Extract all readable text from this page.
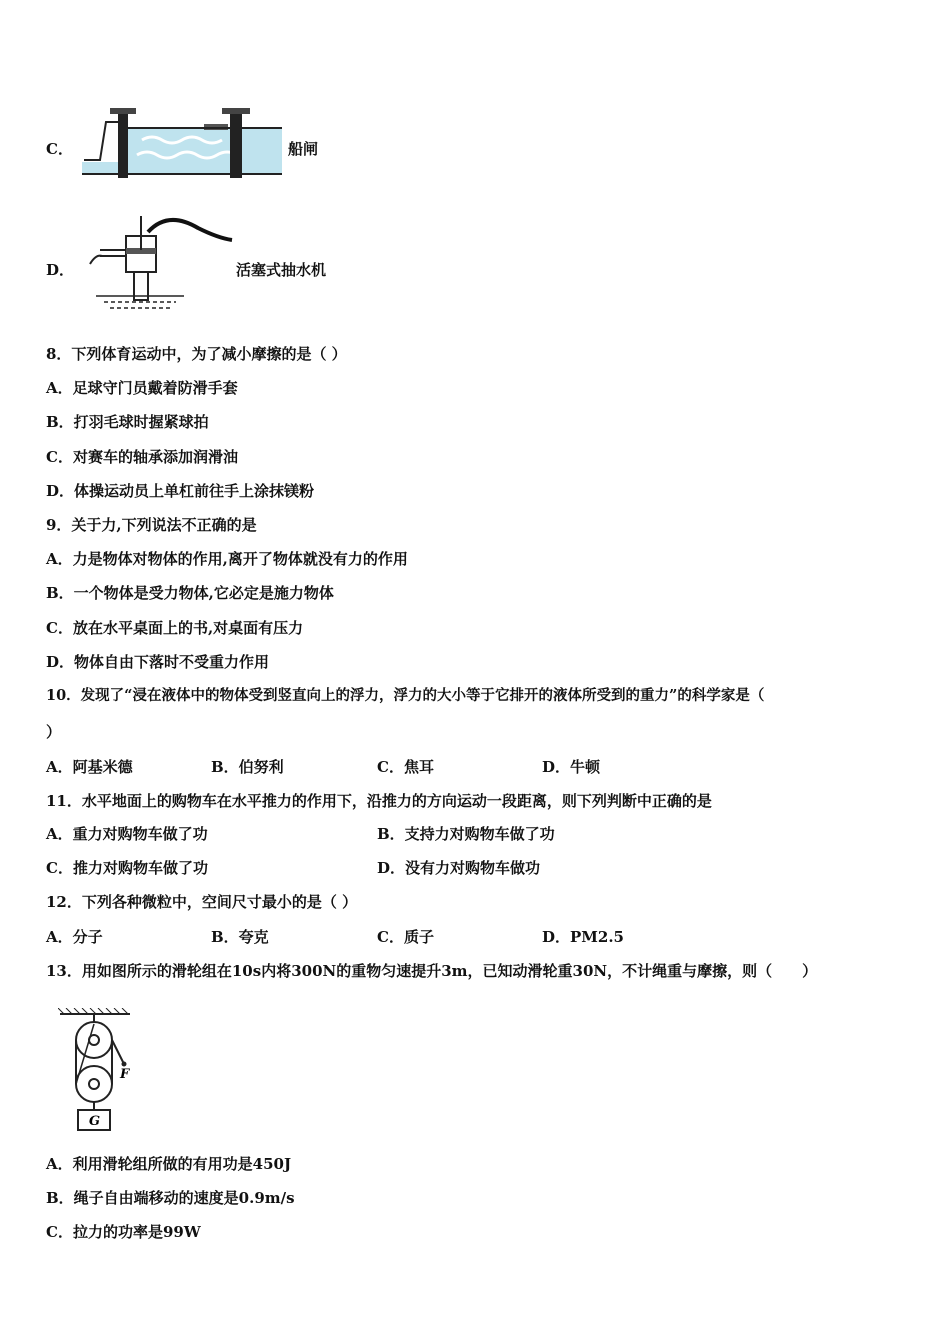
C．	船闸
D．	活塞式抽水机
8．下列体育运动中，为了减小摩擦的是（ ）
A．足球守门员戴着防滑手套
B．打羽毛球时握紧球拍
C．对赛车的轴承添加润滑油
D．体操运动员上单杠前往手上涂抹镁粉
9．关于力,下列说法不正确的是
A．力是物体对物体的作用,离开了物体就没有力的作用
B．一个物体是受力物体,它必定是施力物体
C．放在水平桌面上的书,对桌面有压力
D．物体自由下落时不受重力作用
10．发现了“浸在液体中的物体受到竖直向上的浮力，浮力的大小等于它排开的液体所受到的重力”的科学家是（
）
A．阿基米德	B．伯努利	C．焦耳	D．牛顿
11．水平地面上的购物车在水平推力的作用下，沿推力的方向运动一段距离，则下列判断中正确的是
A．重力对购物车做了功	B．支持力对购物车做了功
C．推力对购物车做了功	D．没有力对购物车做功
12．下列各种微粒中，空间尺寸最小的是（ ）
A．分子	B．夸克	C．质子	D．PM2.5
13．用如图所示的滑轮组在10s内将300N的重物匀速提升3m，已知动滑轮重30N，不计绳重与摩擦，则（　　）
F
G
A．利用滑轮组所做的有用功是450J
B．绳子自由端移动的速度是0.9m/s
C．拉力的功率是99W
